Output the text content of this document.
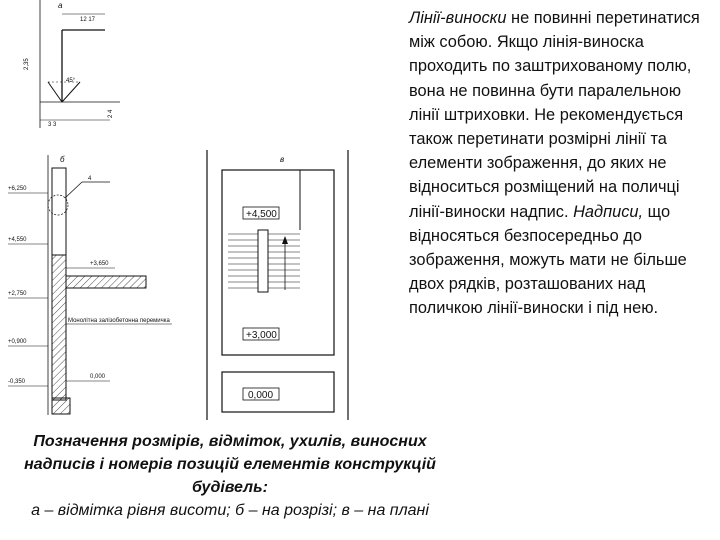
а
12 17
2,35
45°
3 3
2 4
б
4
+6,250
+4,550
+3,650
+2,750
+0,900
-0,350
0,000
Монолітна залізобетонна перемичка
в
+4,500
+3,000
0,000

Лінії-виноски не повинні перетинатися між собою. Якщо лінія-виноска проходить по заштрихованому полю, вона не повинна бути паралельною лінії штриховки. Не рекомендується також перетинати розмірні лінії та елементи зображення, до яких не відноситься розміщений на поличці лінії-виноски надпис. Надписи, що відносяться безпосередньо до зображення, можуть мати не більше двох рядків, розташованих над поличкою лінії-виноски і під нею.

Позначення розмірів, відміток, ухилів, виносних надписів і номерів позицій елементів конструкцій будівель:
а – відмітка рівня висоти; б – на розрізі; в – на плані
